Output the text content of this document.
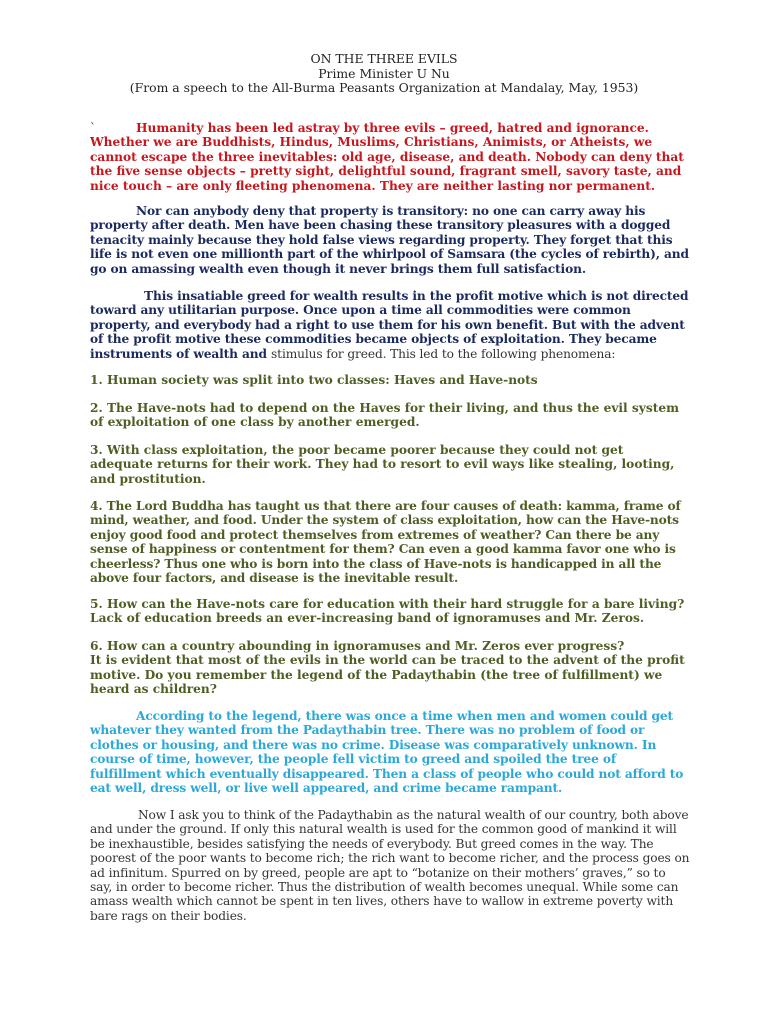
ON THE THREE EVILS
Prime Minister U Nu
(From a speech to the All-Burma Peasants Organization at Mandalay, May, 1953)

`	Humanity has been led astray by three evils – greed, hatred and ignorance. Whether we are Buddhists, Hindus, Muslims, Christians, Animists, or Atheists, we cannot escape the three inevitables: old age, disease, and death. Nobody can deny that the five sense objects – pretty sight, delightful sound, fragrant smell, savory taste, and nice touch – are only fleeting phenomena. They are neither lasting nor permanent.

Nor can anybody deny that property is transitory: no one can carry away his property after death. Men have been chasing these transitory pleasures with a dogged tenacity mainly because they hold false views regarding property. They forget that this life is not even one millionth part of the whirlpool of Samsara (the cycles of rebirth), and go on amassing wealth even though it never brings them full satisfaction.

This insatiable greed for wealth results in the profit motive which is not directed toward any utilitarian purpose. Once upon a time all commodities were common property, and everybody had a right to use them for his own benefit. But with the advent of the profit motive these commodities became objects of exploitation. They became instruments of wealth and stimulus for greed. This led to the following phenomena:

1. Human society was split into two classes: Haves and Have-nots

2. The Have-nots had to depend on the Haves for their living, and thus the evil system of exploitation of one class by another emerged.

3. With class exploitation, the poor became poorer because they could not get adequate returns for their work. They had to resort to evil ways like stealing, looting, and prostitution.

4. The Lord Buddha has taught us that there are four causes of death: kamma, frame of mind, weather, and food. Under the system of class exploitation, how can the Have-nots enjoy good food and protect themselves from extremes of weather? Can there be any sense of happiness or contentment for them? Can even a good kamma favor one who is cheerless? Thus one who is born into the class of Have-nots is handicapped in all the above four factors, and disease is the inevitable result.

5. How can the Have-nots care for education with their hard struggle for a bare living? Lack of education breeds an ever-increasing band of ignoramuses and Mr. Zeros.

6. How can a country abounding in ignoramuses and Mr. Zeros ever progress?
It is evident that most of the evils in the world can be traced to the advent of the profit motive. Do you remember the legend of the Padaythabin (the tree of fulfillment) we heard as children?

According to the legend, there was once a time when men and women could get whatever they wanted from the Padaythabin tree. There was no problem of food or clothes or housing, and there was no crime. Disease was comparatively unknown. In course of time, however, the people fell victim to greed and spoiled the tree of fulfillment which eventually disappeared. Then a class of people who could not afford to eat well, dress well, or live well appeared, and crime became rampant.

Now I ask you to think of the Padaythabin as the natural wealth of our country, both above and under the ground. If only this natural wealth is used for the common good of mankind it will be inexhaustible, besides satisfying the needs of everybody. But greed comes in the way. The poorest of the poor wants to become rich; the rich want to become richer, and the process goes on ad infinitum. Spurred on by greed, people are apt to “botanize on their mothers’ graves,” so to say, in order to become richer. Thus the distribution of wealth becomes unequal. While some can amass wealth which cannot be spent in ten lives, others have to wallow in extreme poverty with bare rags on their bodies.
